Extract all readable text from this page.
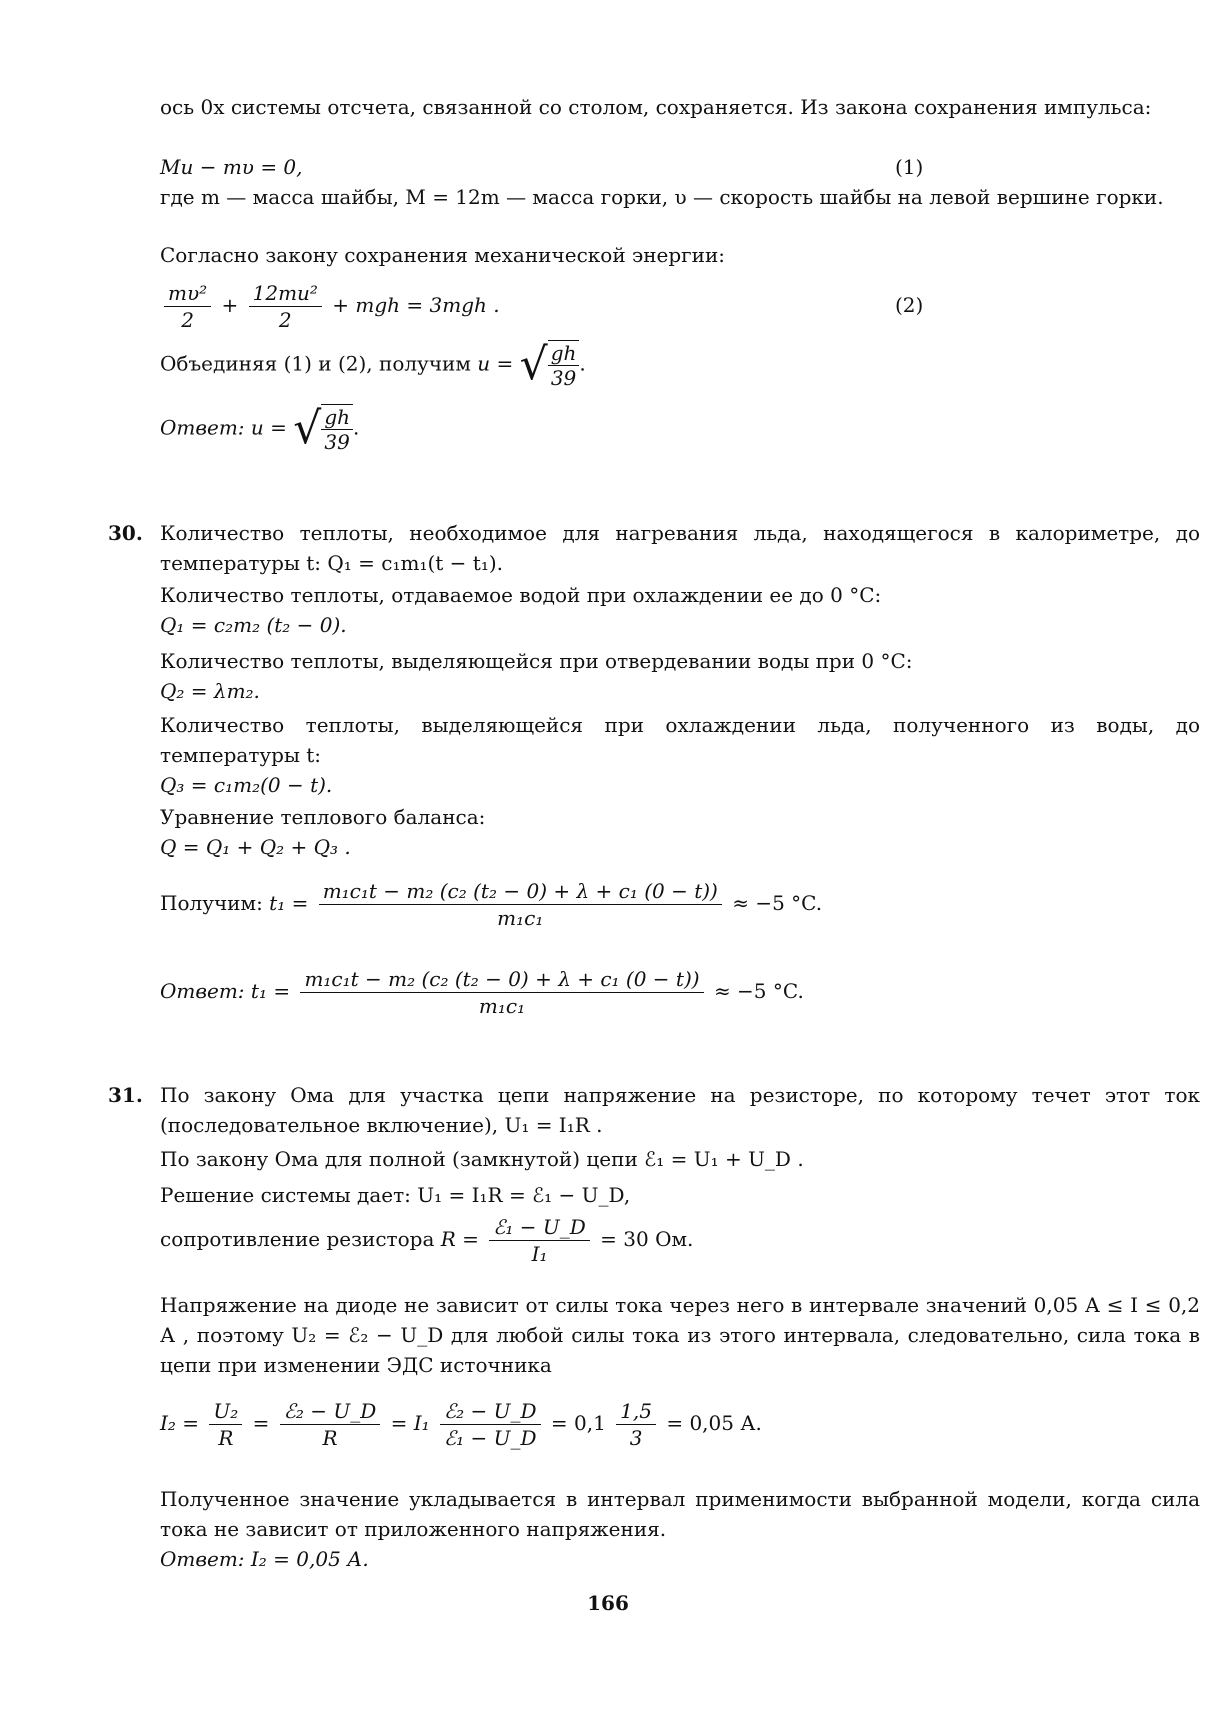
ось 0x системы отсчета, связанной со столом, сохраняется. Из закона сохранения импульса:
Mu − mυ = 0,	(1)
где m — масса шайбы, M = 12m — масса горки, υ — скорость шайбы на левой вершине горки.
Согласно закону сохранения механической энергии:
$\frac{\text{mυ²}}{2} + \frac{\text{12mu²}}{2}$ + mgh = 3mgh .	(2)
Объединяя (1) и (2), получим u = √ $\frac{gh}{39}$ .
Ответ: u = √ $\frac{gh}{39}$ .
30. Количество теплоты, необходимое для нагревания льда, находящегося в калориметре, до температуры t: Q₁ = c₁m₁(t − t₁).
Количество теплоты, отдаваемое водой при охлаждении ее до 0 °C:
Q₁ = c₂m₂ (t₂ − 0).
Количество теплоты, выделяющейся при отвердевании воды при 0 °C:
Q₂ = λm₂.
Количество теплоты, выделяющейся при охлаждении льда, полученного из воды, до температуры t:
Q₃ = c₁m₂(0 − t).
Уравнение теплового баланса:
Q = Q₁ + Q₂ + Q₃ .
Получим: $t_1 = \frac{\text{m₁c₁t − m₂ (c₂ (t₂ − 0) + λ + c₁ (0 − t))}}{\text{m₁c₁}} \approx -5$ °C.
Ответ: $t_1 = \frac{\text{m₁c₁t − m₂ (c₂ (t₂ − 0) + λ + c₁ (0 − t))}}{\text{m₁c₁}} \approx -5$ °C.
31. По закону Ома для участка цепи напряжение на резисторе, по которому течет этот ток (последовательное включение), U₁ = I₁R .
По закону Ома для полной (замкнутой) цепи ℰ₁ = U₁ + U_D .
Решение системы дает: U₁ = I₁R = ℰ₁ − U_D,
сопротивление резистора $R = \frac{\text{ℰ₁ − U\_D}}{\text{I₁}} = 30$ Ом.
Напряжение на диоде не зависит от силы тока через него в интервале значений 0,05 А ≤ I ≤ 0,2 А , поэтому U₂ = ℰ₂ − U_D для любой силы тока из этого интервала, следовательно, сила тока в цепи при изменении ЭДС источника
$I_2 = \frac{\text{U₂}}{R} = \frac{\text{ℰ₂ − U\_D}}{R} = I_1 \frac{\text{ℰ₂ − U\_D}}{\text{ℰ₁ − U\_D}} = 0,1 \frac{1,5}{3} = 0,05$ А.
Полученное значение укладывается в интервал применимости выбранной модели, когда сила тока не зависит от приложенного напряжения.
Ответ: I₂ = 0,05 А.
166
